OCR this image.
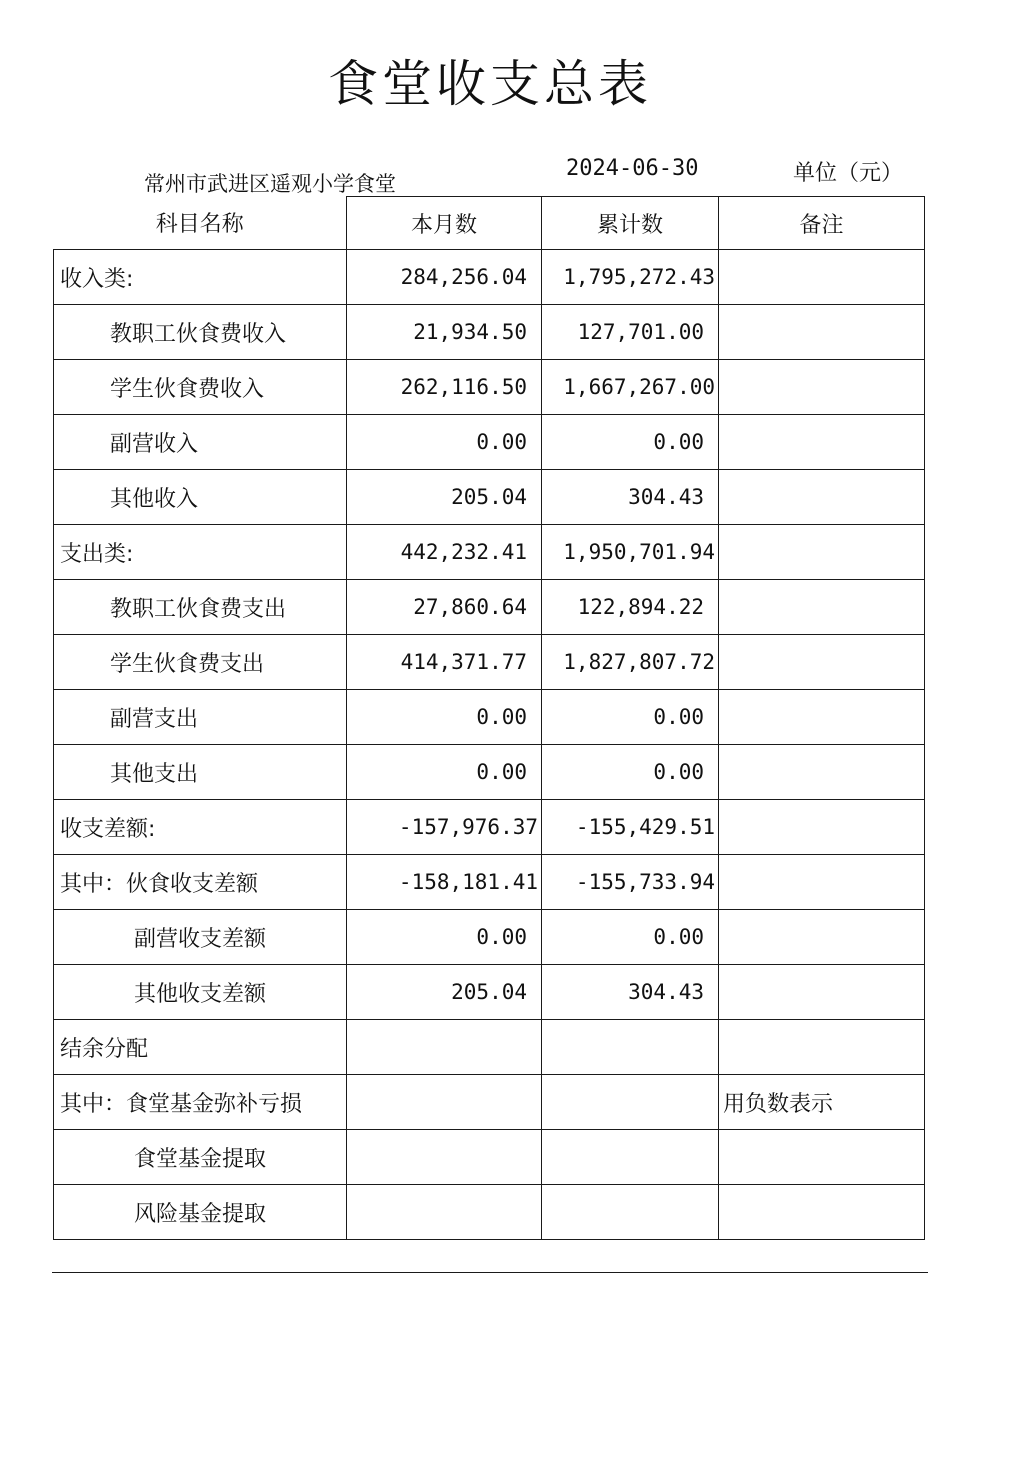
食堂收支总表
常州市武进区遥观小学食堂
2024-06-30	单位（元）
科目名称	本月数	累计数	备注
收入类:	284,256.04	1,795,272.43	
教职工伙食费收入	21,934.50	127,701.00	
学生伙食费收入	262,116.50	1,667,267.00	
副营收入	0.00	0.00	
其他收入	205.04	304.43	
支出类:	442,232.41	1,950,701.94	
教职工伙食费支出	27,860.64	122,894.22	
学生伙食费支出	414,371.77	1,827,807.72	
副营支出	0.00	0.00	
其他支出	0.00	0.00	
收支差额:	-157,976.37	-155,429.51	
其中：伙食收支差额	-158,181.41	-155,733.94	
副营收支差额	0.00	0.00	
其他收支差额	205.04	304.43	
结余分配			
其中：食堂基金弥补亏损			用负数表示
食堂基金提取			
风险基金提取			
